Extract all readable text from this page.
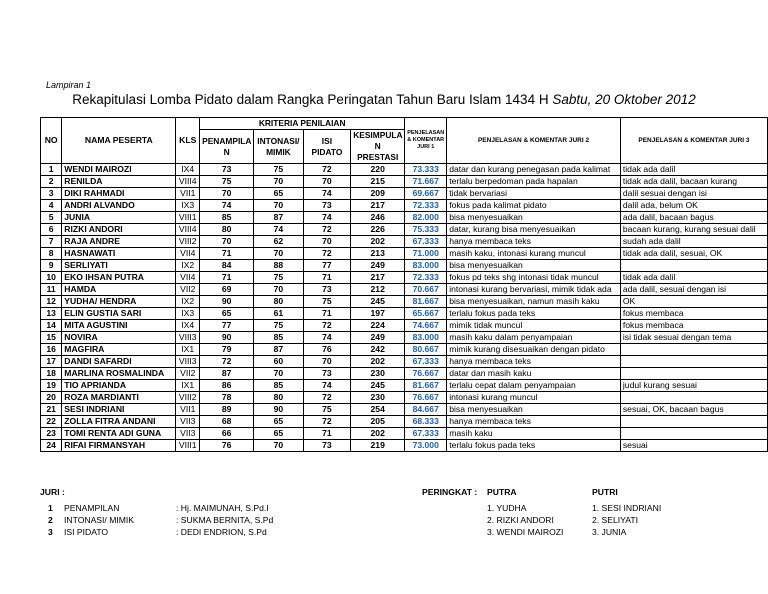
Lampiran 1
Rekapitulasi Lomba Pidato dalam Rangka Peringatan Tahun Baru Islam 1434 H Sabtu, 20 Oktober 2012
NO	NAMA PESERTA	KLS	KRITERIA PENILAIAN				PENJELASAN & KOMENTAR JURI 1	PENJELASAN & KOMENTAR JURI 2	PENJELASAN & KOMENTAR JURI 3
			PENAMPILA N	INTONASI/ MIMIK	ISI PIDATO	KESIMPULA N PRESTASI			
1	WENDI MAIROZI	IX4	73	75	72	220	73.333	datar dan kurang penegasan pada kalimat	tidak ada dalil
2	RENILDA	VIII4	75	70	70	215	71.667	terlalu berpedoman pada hapalan	tidak ada dalil, bacaan kurang
3	DIKI RAHMADI	VII1	70	65	74	209	69.667	tidak bervariasi	dalil sesuai dengan isi
4	ANDRI ALVANDO	IX3	74	70	73	217	72.333	fokus pada kalimat pidato	dalil ada, belum OK
5	JUNIA	VIII1	85	87	74	246	82.000	bisa menyesuaikan	ada dalil, bacaan bagus
6	RIZKI ANDORI	VIII4	80	74	72	226	75.333	datar, kurang bisa menyesuaikan	bacaan kurang, kurang sesuai dalil
7	RAJA ANDRE	VIII2	70	62	70	202	67.333	hanya membaca teks	sudah ada dalil
8	HASNAWATI	VII4	71	70	72	213	71.000	masih kaku, intonasi kurang muncul	tidak ada dalil, sesuai, OK
9	SERLIYATI	IX2	84	88	77	249	83.000	bisa menyesuaikan	
10	EKO IHSAN PUTRA	VII4	71	75	71	217	72.333	fokus pd teks shg intonasi tidak muncul	tidak ada dalil
11	HAMDA	VII2	69	70	73	212	70.667	intonasi kurang bervariasi, mimik tidak ada	ada dalil, sesuai dengan isi
12	YUDHA/ HENDRA	IX2	90	80	75	245	81.667	bisa menyesuaikan, namun masih kaku	OK
13	ELIN GUSTIA SARI	IX3	65	61	71	197	65.667	terlalu fokus pada teks	fokus membaca
14	MITA AGUSTINI	IX4	77	75	72	224	74.667	mimik tidak muncul	fokus membaca
15	NOVIRA	VIII3	90	85	74	249	83.000	masih kaku dalam penyampaian	isi tidak sesuai dengan tema
16	MAGFIRA	IX1	79	87	76	242	80.667	mimik kurang disesuaikan dengan pidato	
17	DANDI SAFARDI	VIII3	72	60	70	202	67.333	hanya membaca teks	
18	MARLINA ROSMALINDA	VII2	87	70	73	230	76.667	datar dan masih kaku	
19	TIO APRIANDA	IX1	86	85	74	245	81.667	terlalu cepat dalam penyampaian	judul kurang sesuai
20	ROZA MARDIANTI	VIII2	78	80	72	230	76.667	intonasi kurang muncul	
21	SESI INDRIANI	VII1	89	90	75	254	84.667	bisa menyesuaikan	sesuai, OK, bacaan bagus
22	ZOLLA FITRA ANDANI	VII3	68	65	72	205	68.333	hanya membaca teks	
23	TOMI RENTA ADI GUNA	VII3	66	65	71	202	67.333	masih kaku	
24	RIFAI FIRMANSYAH	VIII1	76	70	73	219	73.000	terlalu fokus pada teks	sesuai
JURI :
1 PENAMPILAN	: Hj. MAIMUNAH, S.Pd.I
2 INTONASI/ MIMIK	: SUKMA BERNITA, S.Pd
3 ISI PIDATO	: DEDI ENDRION, S.Pd
PERINGKAT : PUTRA	PUTRI
1. YUDHA
2. RIZKI ANDORI
3. WENDI MAIROZI
1. SESI INDRIANI
2. SELIYATI
3. JUNIA
